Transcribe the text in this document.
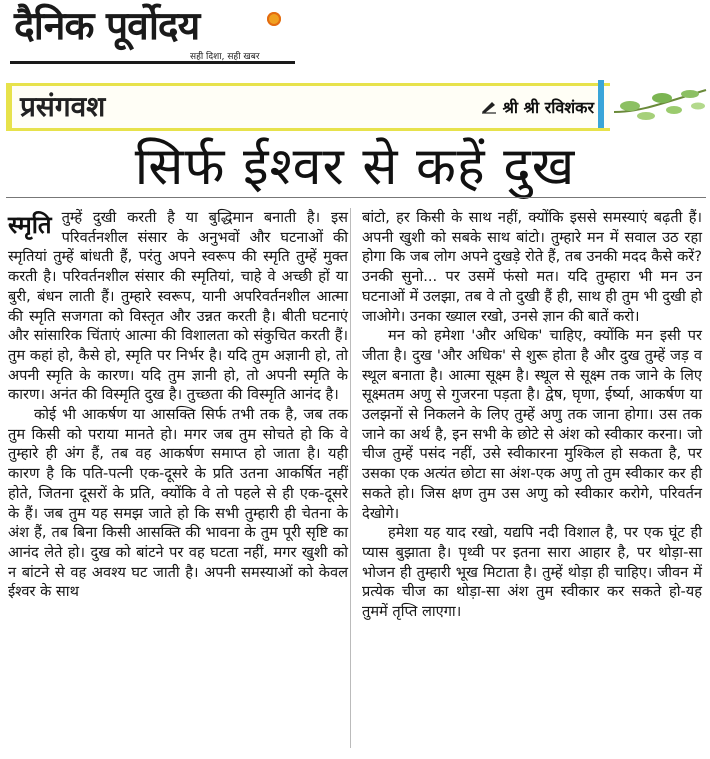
दैनिक पूर्वोदय
सही दिशा, सही खबर
प्रसंगवश	श्री श्री रविशंकर
सिर्फ ईश्वर से कहें दुख

स्मृति तुम्हें दुखी करती है या बुद्धिमान बनाती है। इस परिवर्तनशील संसार के अनुभवों और घटनाओं की स्मृतियां तुम्हें बांधती हैं, परंतु अपने स्वरूप की स्मृति तुम्हें मुक्त करती है। परिवर्तनशील संसार की स्मृतियां, चाहे वे अच्छी हों या बुरी, बंधन लाती हैं। तुम्हारे स्वरूप, यानी अपरिवर्तनशील आत्मा की स्मृति सजगता को विस्तृत और उन्नत करती है। बीती घटनाएं और सांसारिक चिंताएं आत्मा की विशालता को संकुचित करती हैं। तुम कहां हो, कैसे हो, स्मृति पर निर्भर है। यदि तुम अज्ञानी हो, तो अपनी स्मृति के कारण। यदि तुम ज्ञानी हो, तो अपनी स्मृति के कारण। अनंत की विस्मृति दुख है। तुच्छता की विस्मृति आनंद है।

कोई भी आकर्षण या आसक्ति सिर्फ तभी तक है, जब तक तुम किसी को पराया मानते हो। मगर जब तुम सोचते हो कि वे तुम्हारे ही अंग हैं, तब वह आकर्षण समाप्त हो जाता है। यही कारण है कि पति-पत्नी एक-दूसरे के प्रति उतना आकर्षित नहीं होते, जितना दूसरों के प्रति, क्योंकि वे तो पहले से ही एक-दूसरे के हैं। जब तुम यह समझ जाते हो कि सभी तुम्हारी ही चेतना के अंश हैं, तब बिना किसी आसक्ति की भावना के तुम पूरी सृष्टि का आनंद लेते हो। दुख को बांटने पर वह घटता नहीं, मगर खुशी को न बांटने से वह अवश्य घट जाती है। अपनी समस्याओं को केवल ईश्वर के साथ

बांटो, हर किसी के साथ नहीं, क्योंकि इससे समस्याएं बढ़ती हैं। अपनी खुशी को सबके साथ बांटो। तुम्हारे मन में सवाल उठ रहा होगा कि जब लोग अपने दुखड़े रोते हैं, तब उनकी मदद कैसे करें? उनकी सुनो... पर उसमें फंसो मत। यदि तुम्हारा भी मन उन घटनाओं में उलझा, तब वे तो दुखी हैं ही, साथ ही तुम भी दुखी हो जाओगे। उनका ख्याल रखो, उनसे ज्ञान की बातें करो।

मन को हमेशा 'और अधिक' चाहिए, क्योंकि मन इसी पर जीता है। दुख 'और अधिक' से शुरू होता है और दुख तुम्हें जड़ व स्थूल बनाता है। आत्मा सूक्ष्म है। स्थूल से सूक्ष्म तक जाने के लिए सूक्ष्मतम अणु से गुजरना पड़ता है। द्वेष, घृणा, ईर्ष्या, आकर्षण या उलझनों से निकलने के लिए तुम्हें अणु तक जाना होगा। उस तक जाने का अर्थ है, इन सभी के छोटे से अंश को स्वीकार करना। जो चीज तुम्हें पसंद नहीं, उसे स्वीकारना मुश्किल हो सकता है, पर उसका एक अत्यंत छोटा सा अंश-एक अणु तो तुम स्वीकार कर ही सकते हो। जिस क्षण तुम उस अणु को स्वीकार करोगे, परिवर्तन देखोगे।

हमेशा यह याद रखो, यद्यपि नदी विशाल है, पर एक घूंट ही प्यास बुझाता है। पृथ्वी पर इतना सारा आहार है, पर थोड़ा-सा भोजन ही तुम्हारी भूख मिटाता है। तुम्हें थोड़ा ही चाहिए। जीवन में प्रत्येक चीज का थोड़ा-सा अंश तुम स्वीकार कर सकते हो-यह तुममें तृप्ति लाएगा।
